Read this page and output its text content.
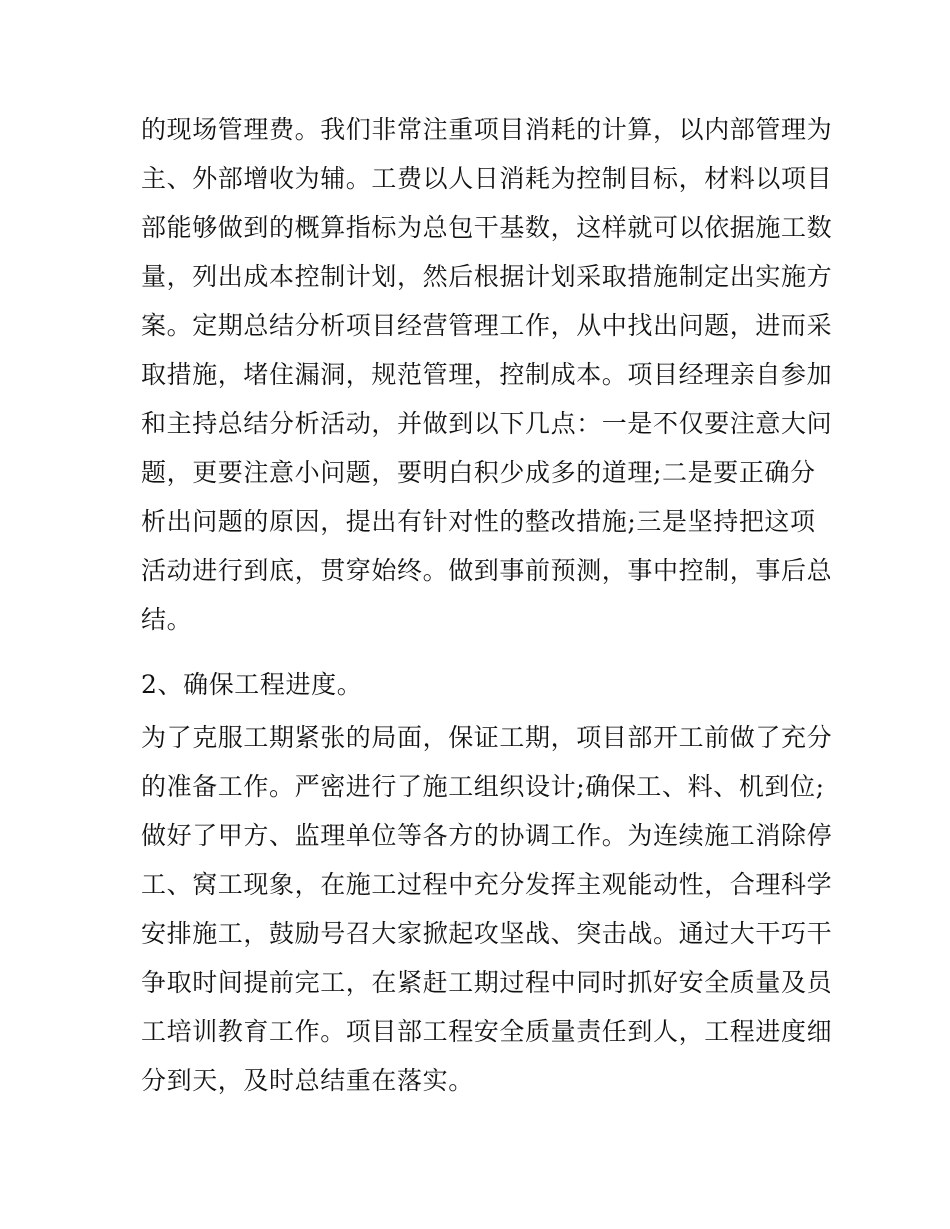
的现场管理费。我们非常注重项目消耗的计算，以内部管理为
主、外部增收为辅。工费以人日消耗为控制目标，材料以项目
部能够做到的概算指标为总包干基数，这样就可以依据施工数
量，列出成本控制计划，然后根据计划采取措施制定出实施方
案。定期总结分析项目经营管理工作，从中找出问题，进而采
取措施，堵住漏洞，规范管理，控制成本。项目经理亲自参加
和主持总结分析活动，并做到以下几点：一是不仅要注意大问
题，更要注意小问题，要明白积少成多的道理;二是要正确分
析出问题的原因，提出有针对性的整改措施;三是坚持把这项
活动进行到底，贯穿始终。做到事前预测，事中控制，事后总
结。
2、确保工程进度。
为了克服工期紧张的局面，保证工期，项目部开工前做了充分
的准备工作。严密进行了施工组织设计;确保工、料、机到位;
做好了甲方、监理单位等各方的协调工作。为连续施工消除停
工、窝工现象，在施工过程中充分发挥主观能动性，合理科学
安排施工，鼓励号召大家掀起攻坚战、突击战。通过大干巧干
争取时间提前完工，在紧赶工期过程中同时抓好安全质量及员
工培训教育工作。项目部工程安全质量责任到人，工程进度细
分到天，及时总结重在落实。
